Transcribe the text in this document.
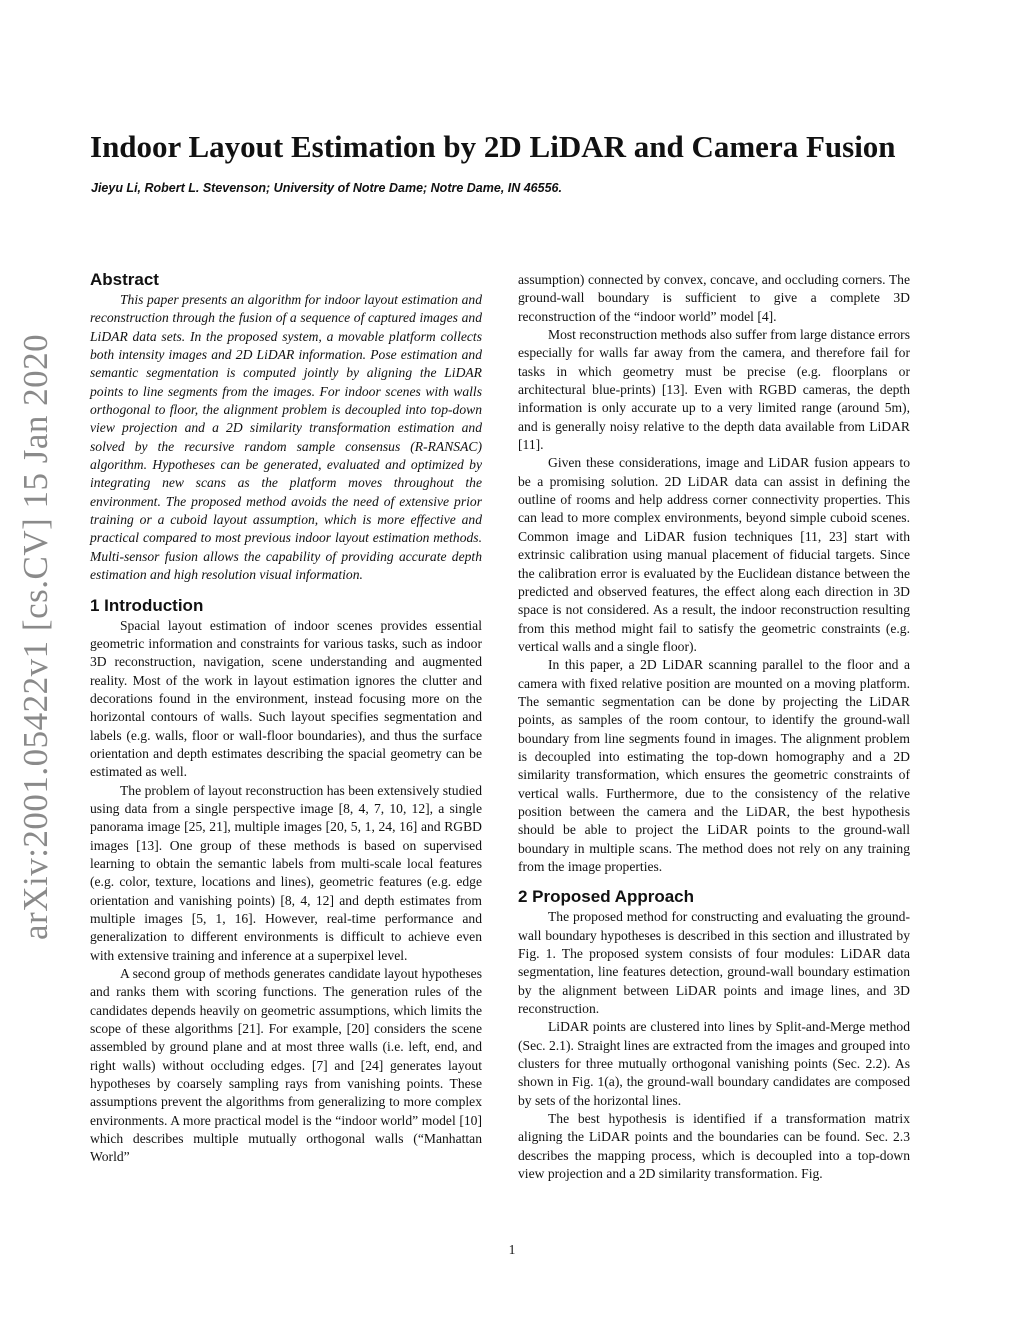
arXiv:2001.05422v1 [cs.CV] 15 Jan 2020
Indoor Layout Estimation by 2D LiDAR and Camera Fusion

Jieyu Li, Robert L. Stevenson; University of Notre Dame; Notre Dame, IN 46556.

Abstract

This paper presents an algorithm for indoor layout estimation and reconstruction through the fusion of a sequence of captured images and LiDAR data sets. In the proposed system, a movable platform collects both intensity images and 2D LiDAR information. Pose estimation and semantic segmentation is computed jointly by aligning the LiDAR points to line segments from the images. For indoor scenes with walls orthogonal to floor, the alignment problem is decoupled into top-down view projection and a 2D similarity transformation estimation and solved by the recursive random sample consensus (R-RANSAC) algorithm. Hypotheses can be generated, evaluated and optimized by integrating new scans as the platform moves throughout the environment. The proposed method avoids the need of extensive prior training or a cuboid layout assumption, which is more effective and practical compared to most previous indoor layout estimation methods. Multi-sensor fusion allows the capability of providing accurate depth estimation and high resolution visual information.

1 Introduction

Spacial layout estimation of indoor scenes provides essential geometric information and constraints for various tasks, such as indoor 3D reconstruction, navigation, scene understanding and augmented reality. Most of the work in layout estimation ignores the clutter and decorations found in the environment, instead focusing more on the horizontal contours of walls. Such layout specifies segmentation and labels (e.g. walls, floor or wall-floor boundaries), and thus the surface orientation and depth estimates describing the spacial geometry can be estimated as well.

The problem of layout reconstruction has been extensively studied using data from a single perspective image [8, 4, 7, 10, 12], a single panorama image [25, 21], multiple images [20, 5, 1, 24, 16] and RGBD images [13]. One group of these methods is based on supervised learning to obtain the semantic labels from multi-scale local features (e.g. color, texture, locations and lines), geometric features (e.g. edge orientation and vanishing points) [8, 4, 12] and depth estimates from multiple images [5, 1, 16]. However, real-time performance and generalization to different environments is difficult to achieve even with extensive training and inference at a superpixel level.

A second group of methods generates candidate layout hypotheses and ranks them with scoring functions. The generation rules of the candidates depends heavily on geometric assumptions, which limits the scope of these algorithms [21]. For example, [20] considers the scene assembled by ground plane and at most three walls (i.e. left, end, and right walls) without occluding edges. [7] and [24] generates layout hypotheses by coarsely sampling rays from vanishing points. These assumptions prevent the algorithms from generalizing to more complex environments. A more practical model is the “indoor world” model [10] which describes multiple mutually orthogonal walls (“Manhattan World”

assumption) connected by convex, concave, and occluding corners. The ground-wall boundary is sufficient to give a complete 3D reconstruction of the “indoor world” model [4].

Most reconstruction methods also suffer from large distance errors especially for walls far away from the camera, and therefore fail for tasks in which geometry must be precise (e.g. floorplans or architectural blue-prints) [13]. Even with RGBD cameras, the depth information is only accurate up to a very limited range (around 5m), and is generally noisy relative to the depth data available from LiDAR [11].

Given these considerations, image and LiDAR fusion appears to be a promising solution. 2D LiDAR data can assist in defining the outline of rooms and help address corner connectivity properties. This can lead to more complex environments, beyond simple cuboid scenes. Common image and LiDAR fusion techniques [11, 23] start with extrinsic calibration using manual placement of fiducial targets. Since the calibration error is evaluated by the Euclidean distance between the predicted and observed features, the effect along each direction in 3D space is not considered. As a result, the indoor reconstruction resulting from this method might fail to satisfy the geometric constraints (e.g. vertical walls and a single floor).

In this paper, a 2D LiDAR scanning parallel to the floor and a camera with fixed relative position are mounted on a moving platform. The semantic segmentation can be done by projecting the LiDAR points, as samples of the room contour, to identify the ground-wall boundary from line segments found in images. The alignment problem is decoupled into estimating the top-down homography and a 2D similarity transformation, which ensures the geometric constraints of vertical walls. Furthermore, due to the consistency of the relative position between the camera and the LiDAR, the best hypothesis should be able to project the LiDAR points to the ground-wall boundary in multiple scans. The method does not rely on any training from the image properties.

2 Proposed Approach

The proposed method for constructing and evaluating the ground-wall boundary hypotheses is described in this section and illustrated by Fig. 1. The proposed system consists of four modules: LiDAR data segmentation, line features detection, ground-wall boundary estimation by the alignment between LiDAR points and image lines, and 3D reconstruction.

LiDAR points are clustered into lines by Split-and-Merge method (Sec. 2.1). Straight lines are extracted from the images and grouped into clusters for three mutually orthogonal vanishing points (Sec. 2.2). As shown in Fig. 1(a), the ground-wall boundary candidates are composed by sets of the horizontal lines.

The best hypothesis is identified if a transformation matrix aligning the LiDAR points and the boundaries can be found. Sec. 2.3 describes the mapping process, which is decoupled into a top-down view projection and a 2D similarity transformation. Fig.

1
